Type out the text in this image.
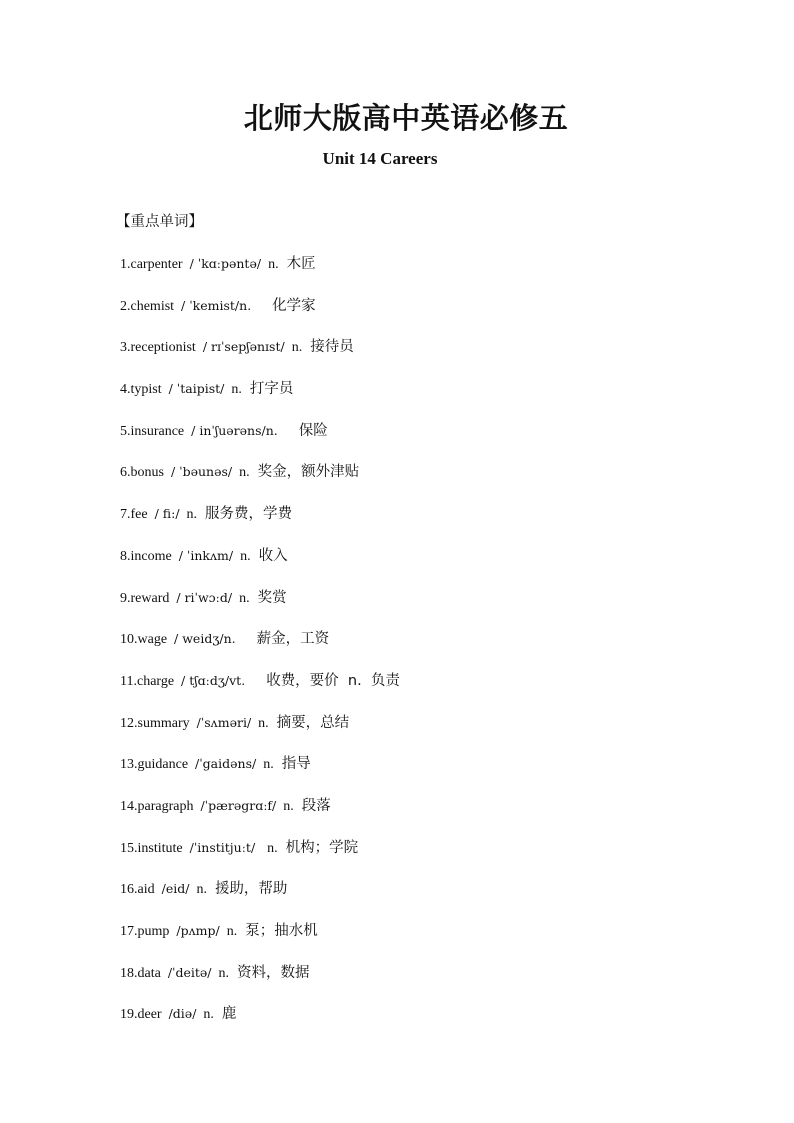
北师大版高中英语必修五
Unit 14 Careers
【重点单词】
1.carpenter / ˈkɑːpəntə/ n. 木匠
2.chemist / ˈkemist/n. 化学家
3.receptionist / rɪˈsepʃənɪst/ n. 接待员
4.typist / ˈtaipist/ n. 打字员
5.insurance / inˈʃuərəns/n. 保险
6.bonus / ˈbəunəs/ n. 奖金，额外津贴
7.fee / fi:/ n. 服务费，学费
8.income / ˈinkʌm/ n. 收入
9.reward / riˈwɔːd/ n. 奖赏
10.wage / weidʒ/n. 薪金，工资
11.charge / tʃɑːdʒ/vt. 收费，要价  n.  负责
12.summary /ˈsʌməri/ n. 摘要，总结
13.guidance /ˈgaidəns/ n. 指导
14.paragraph /ˈpærəgrɑːf/ n. 段落
15.institute /ˈinstitjuːt/ n. 机构；学院
16.aid /eid/ n. 援助，帮助
17.pump /pʌmp/ n. 泵；抽水机
18.data /ˈdeitə/ n. 资料，数据
19.deer /diə/ n. 鹿
